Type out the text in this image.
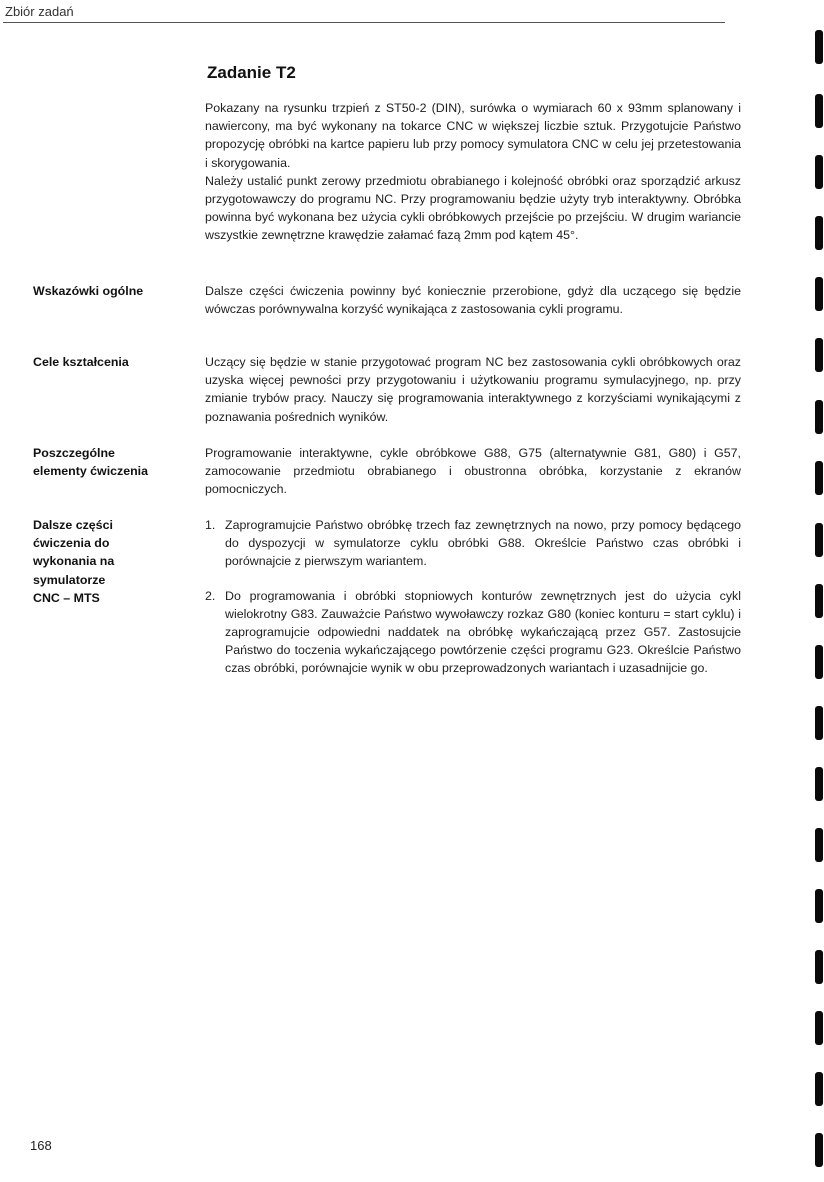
Zbiór zadań
Zadanie T2

Pokazany na rysunku trzpień z ST50-2 (DIN), surówka o wymiarach 60 x 93mm splanowany i nawiercony, ma być wykonany na tokarce CNC w większej liczbie sztuk. Przygotujcie Państwo propozycję obróbki na kartce papieru lub przy pomocy symulatora CNC w celu jej przetestowania i skorygowania.
Należy ustalić punkt zerowy przedmiotu obrabianego i kolejność obróbki oraz sporządzić arkusz przygotowawczy do programu NC. Przy programowaniu będzie użyty tryb interaktywny. Obróbka powinna być wykonana bez użycia cykli obróbkowych przejście po przejściu. W drugim wariancie wszystkie zewnętrzne krawędzie załamać fazą 2mm pod kątem 45°.

Wskazówki ogólne	Dalsze części ćwiczenia powinny być koniecznie przerobione, gdyż dla uczącego się będzie wówczas porównywalna korzyść wynikająca z zastosowania cykli programu.

Cele kształcenia	Uczący się będzie w stanie przygotować program NC bez zastosowania cykli obróbkowych oraz uzyska więcej pewności przy przygotowaniu i użytkowaniu programu symulacyjnego, np. przy zmianie trybów pracy. Nauczy się programowania interaktywnego z korzyściami wynikającymi z poznawania pośrednich wyników.

Poszczególne
elementy ćwiczenia

Programowanie interaktywne, cykle obróbkowe G88, G75 (alternatywnie G81, G80) i G57, zamocowanie przedmiotu obrabianego i obustronna obróbka, korzystanie z ekranów pomocniczych.

Dalsze części
ćwiczenia do
wykonania na
symulatorze
CNC – MTS
1. Zaprogramujcie Państwo obróbkę trzech faz zewnętrznych na nowo, przy pomocy będącego do dyspozycji w symulatorze cyklu obróbki G88. Określcie Państwo czas obróbki i porównajcie z pierwszym wariantem.
2. Do programowania i obróbki stopniowych konturów zewnętrznych jest do użycia cykl wielokrotny G83. Zauważcie Państwo wywoławczy rozkaz G80 (koniec konturu = start cyklu) i zaprogramujcie odpowiedni naddatek na obróbkę wykańczającą przez G57. Zastosujcie Państwo do toczenia wykańczającego powtórzenie części programu G23. Określcie Państwo czas obróbki, porównajcie wynik w obu przeprowadzonych wariantach i uzasadnijcie go.
168
